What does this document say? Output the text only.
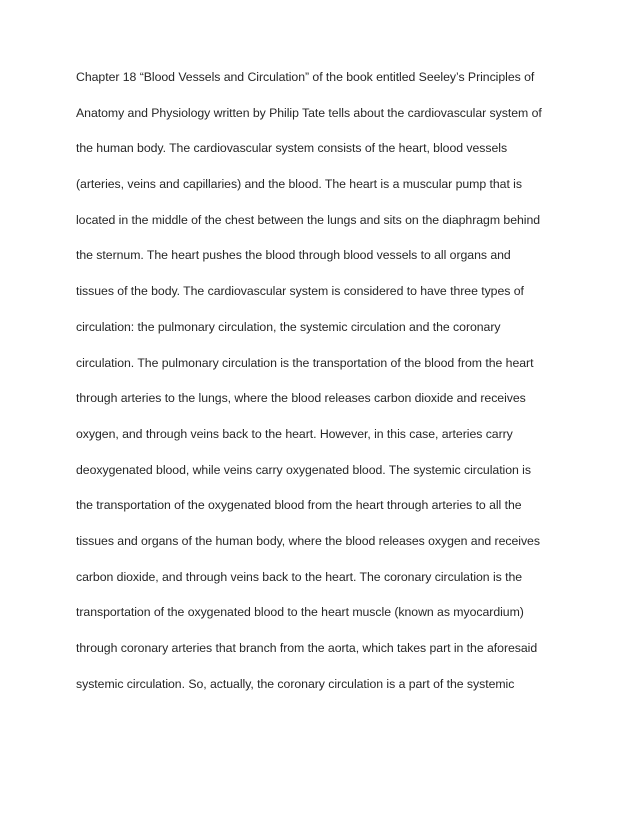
Chapter 18 “Blood Vessels and Circulation” of the book entitled Seeley’s Principles of
Anatomy and Physiology written by Philip Tate tells about the cardiovascular system of
the human body. The cardiovascular system consists of the heart, blood vessels
(arteries, veins and capillaries) and the blood. The heart is a muscular pump that is
located in the middle of the chest between the lungs and sits on the diaphragm behind
the sternum. The heart pushes the blood through blood vessels to all organs and
tissues of the body. The cardiovascular system is considered to have three types of
circulation: the pulmonary circulation, the systemic circulation and the coronary
circulation. The pulmonary circulation is the transportation of the blood from the heart
through arteries to the lungs, where the blood releases carbon dioxide and receives
oxygen, and through veins back to the heart. However, in this case, arteries carry
deoxygenated blood, while veins carry oxygenated blood. The systemic circulation is
the transportation of the oxygenated blood from the heart through arteries to all the
tissues and organs of the human body, where the blood releases oxygen and receives
carbon dioxide, and through veins back to the heart. The coronary circulation is the
transportation of the oxygenated blood to the heart muscle (known as myocardium)
through coronary arteries that branch from the aorta, which takes part in the aforesaid
systemic circulation. So, actually, the coronary circulation is a part of the systemic
